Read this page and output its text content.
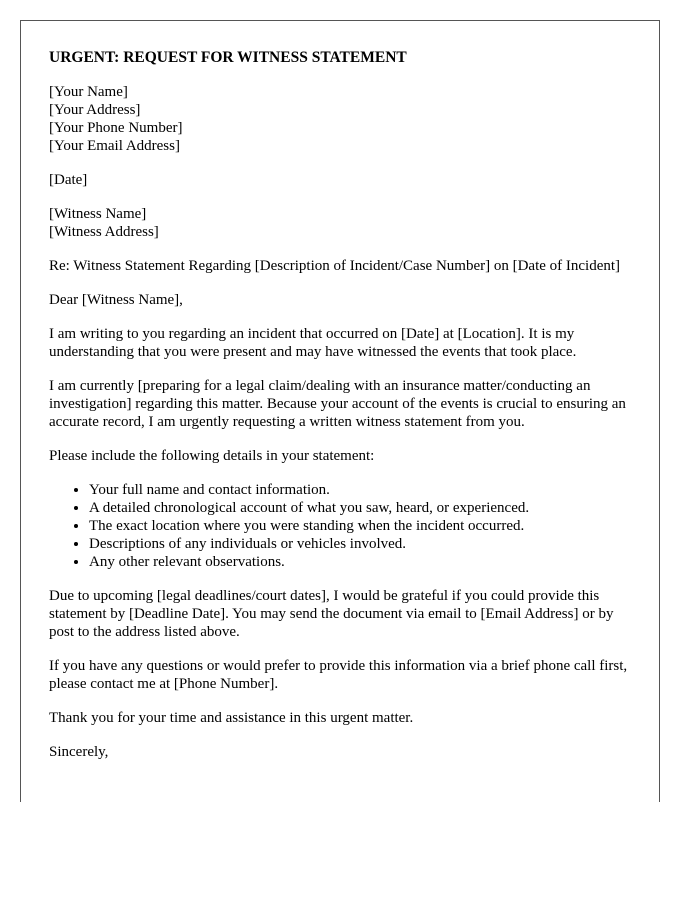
URGENT: REQUEST FOR WITNESS STATEMENT
[Your Name]
[Your Address]
[Your Phone Number]
[Your Email Address]

[Date]

[Witness Name]
[Witness Address]

Re: Witness Statement Regarding [Description of Incident/Case Number] on [Date of Incident]

Dear [Witness Name],

I am writing to you regarding an incident that occurred on [Date] at [Location]. It is my understanding that you were present and may have witnessed the events that took place.

I am currently [preparing for a legal claim/dealing with an insurance matter/conducting an investigation] regarding this matter. Because your account of the events is crucial to ensuring an accurate record, I am urgently requesting a written witness statement from you.

Please include the following details in your statement:

• Your full name and contact information.
• A detailed chronological account of what you saw, heard, or experienced.
• The exact location where you were standing when the incident occurred.
• Descriptions of any individuals or vehicles involved.
• Any other relevant observations.

Due to upcoming [legal deadlines/court dates], I would be grateful if you could provide this statement by [Deadline Date]. You may send the document via email to [Email Address] or by post to the address listed above.

If you have any questions or would prefer to provide this information via a brief phone call first, please contact me at [Phone Number].

Thank you for your time and assistance in this urgent matter.

Sincerely,
